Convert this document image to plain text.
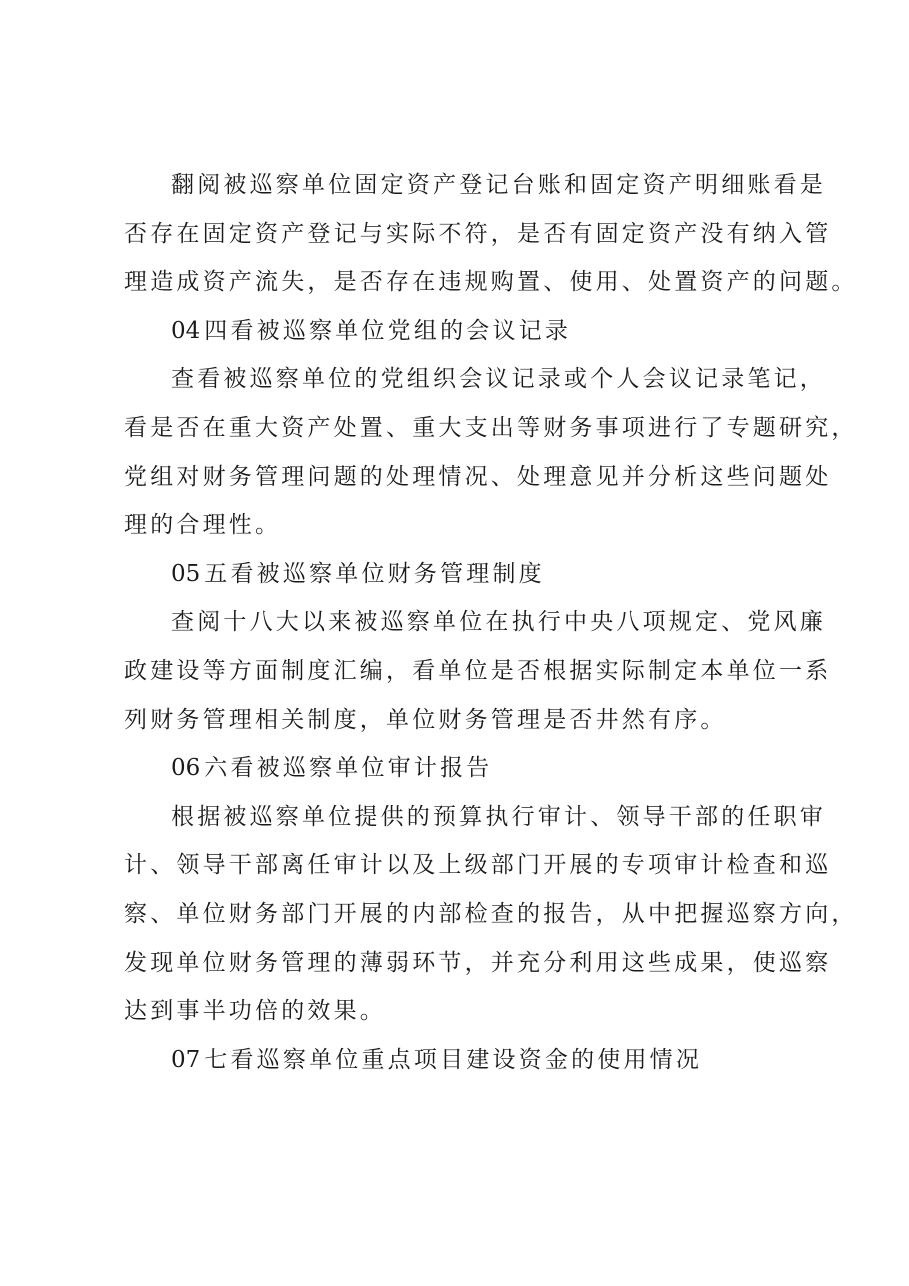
翻阅被巡察单位固定资产登记台账和固定资产明细账看是
否存在固定资产登记与实际不符，是否有固定资产没有纳入管
理造成资产流失，是否存在违规购置、使用、处置资产的问题。
04 四看被巡察单位党组的会议记录
查看被巡察单位的党组织会议记录或个人会议记录笔记，
看是否在重大资产处置、重大支出等财务事项进行了专题研究，
党组对财务管理问题的处理情况、处理意见并分析这些问题处
理的合理性。
05 五看被巡察单位财务管理制度
查阅十八大以来被巡察单位在执行中央八项规定、党风廉
政建设等方面制度汇编，看单位是否根据实际制定本单位一系
列财务管理相关制度，单位财务管理是否井然有序。
06 六看被巡察单位审计报告
根据被巡察单位提供的预算执行审计、领导干部的任职审
计、领导干部离任审计以及上级部门开展的专项审计检查和巡
察、单位财务部门开展的内部检查的报告，从中把握巡察方向，
发现单位财务管理的薄弱环节，并充分利用这些成果，使巡察
达到事半功倍的效果。
07 七看巡察单位重点项目建设资金的使用情况
